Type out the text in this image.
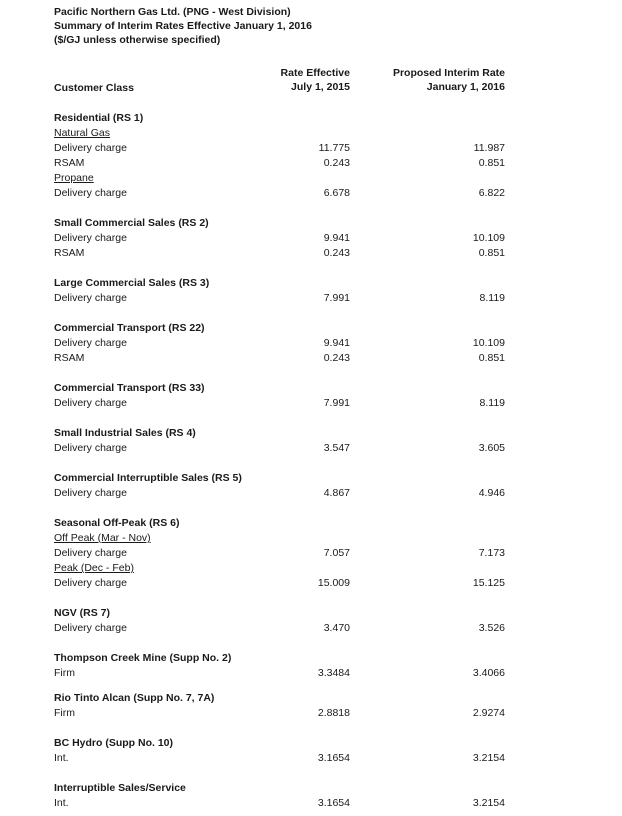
Pacific Northern Gas Ltd. (PNG - West Division)
Summary of Interim Rates Effective January 1, 2016
($/GJ unless otherwise specified)
Customer Class
Rate Effective
July 1, 2015
Proposed Interim Rate
January 1, 2016
Residential (RS 1)
Natural Gas
Delivery charge	11.775	11.987
RSAM	0.243	0.851
Propane
Delivery charge	6.678	6.822
Small Commercial Sales (RS 2)
Delivery charge	9.941	10.109
RSAM	0.243	0.851
Large Commercial Sales (RS 3)
Delivery charge	7.991	8.119
Commercial Transport (RS 22)
Delivery charge	9.941	10.109
RSAM	0.243	0.851
Commercial Transport (RS 33)
Delivery charge	7.991	8.119
Small Industrial Sales (RS 4)
Delivery charge	3.547	3.605
Commercial Interruptible Sales (RS 5)
Delivery charge	4.867	4.946
Seasonal Off-Peak (RS 6)
Off Peak (Mar - Nov)
Delivery charge	7.057	7.173
Peak (Dec - Feb)
Delivery charge	15.009	15.125
NGV (RS 7)
Delivery charge	3.470	3.526
Thompson Creek Mine (Supp No. 2)
Firm	3.3484	3.4066
Rio Tinto Alcan (Supp No. 7, 7A)
Firm	2.8818	2.9274
BC Hydro (Supp No. 10)
Int.	3.1654	3.2154
Interruptible Sales/Service
Int.	3.1654	3.2154
